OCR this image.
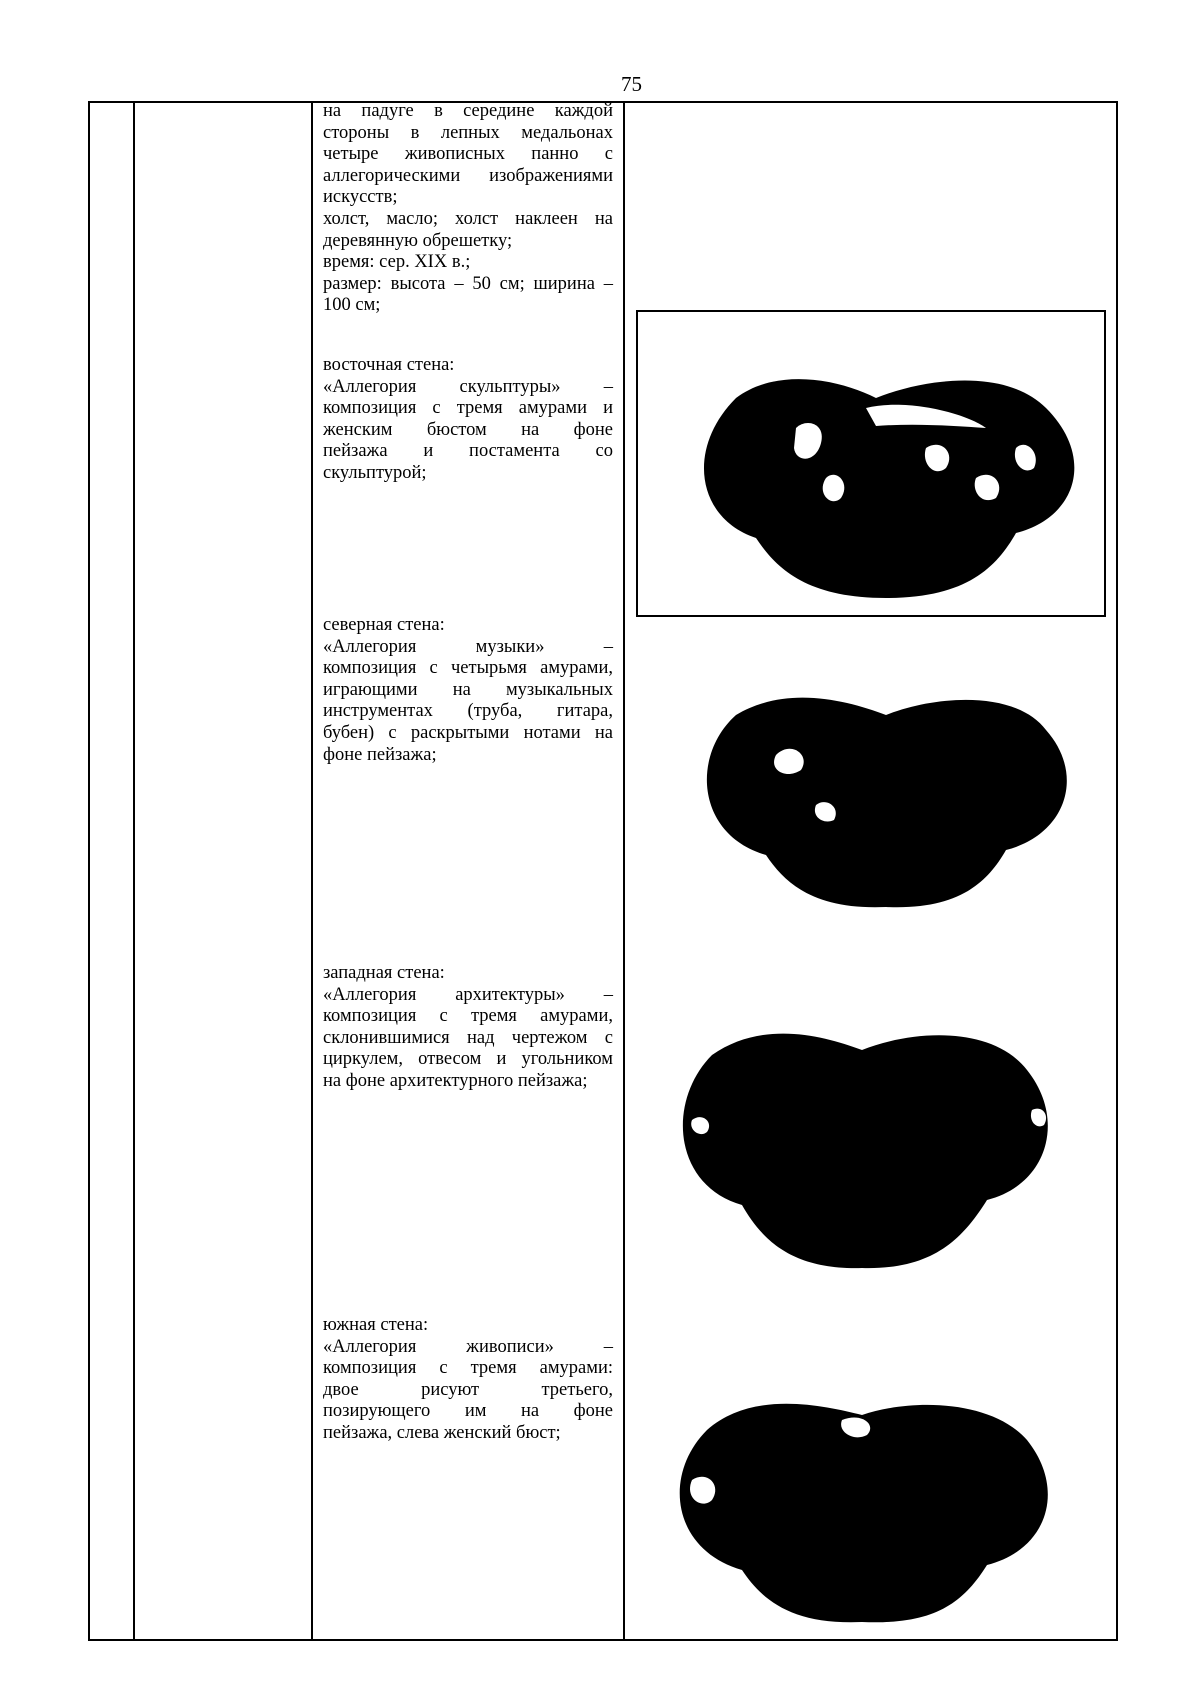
75
на падуге в середине каждой
стороны в лепных медальонах
четыре живописных панно с
аллегорическими изображениями
искусств;
холст, масло; холст наклеен на
деревянную обрешетку;
время: сер. XIX в.;
размер: высота – 50 см; ширина –
100 см;
восточная стена:
«Аллегория скульптуры» –
композиция с тремя амурами и
женским бюстом на фоне
пейзажа и постамента со
скульптурой;
северная стена:
«Аллегория музыки» –
композиция с четырьмя амурами,
играющими на музыкальных
инструментах (труба, гитара,
бубен) с раскрытыми нотами на
фоне пейзажа;
западная стена:
«Аллегория архитектуры» –
композиция с тремя амурами,
склонившимися над чертежом с
циркулем, отвесом и угольником
на фоне архитектурного пейзажа;
южная стена:
«Аллегория живописи» –
композиция с тремя амурами:
двое рисуют третьего,
позирующего им на фоне
пейзажа, слева женский бюст;
